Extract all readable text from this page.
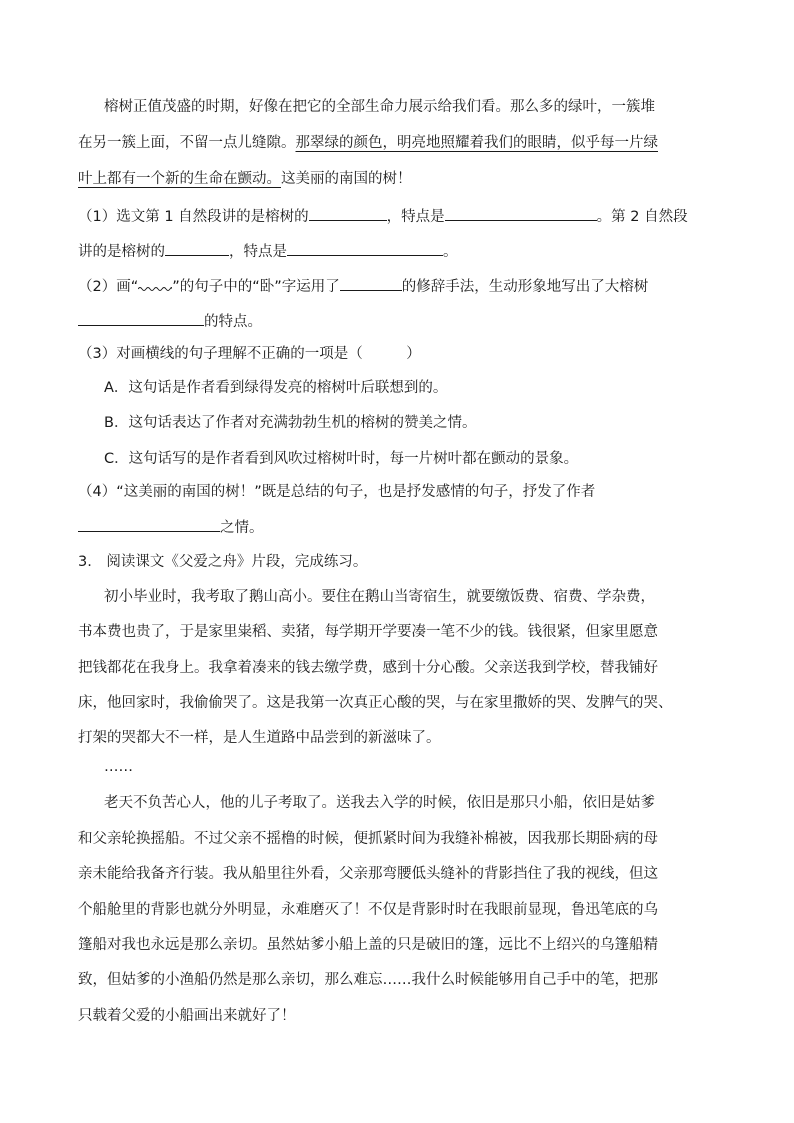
榕树正值茂盛的时期，好像在把它的全部生命力展示给我们看。那么多的绿叶，一簇堆

在另一簇上面，不留一点儿缝隙。那翠绿的颜色，明亮地照耀着我们的眼睛，似乎每一片绿

叶上都有一个新的生命在颤动。这美丽的南国的树！

（1）选文第 1 自然段讲的是榕树的	，特点是	。第 2 自然段

讲的是榕树的	，特点是	。

（2）画“ ”的句子中的“卧”字运用了	的修辞手法，生动形象地写出了大榕树

的特点。

（3）对画横线的句子理解不正确的一项是（　　　）

A．这句话是作者看到绿得发亮的榕树叶后联想到的。

B．这句话表达了作者对充满勃勃生机的榕树的赞美之情。

C．这句话写的是作者看到风吹过榕树叶时，每一片树叶都在颤动的景象。

（4）“这美丽的南国的树！”既是总结的句子，也是抒发感情的句子，抒发了作者

之情。

3.　阅读课文《父爱之舟》片段，完成练习。

初小毕业时，我考取了鹅山高小。要住在鹅山当寄宿生，就要缴饭费、宿费、学杂费，

书本费也贵了，于是家里粜稻、卖猪，每学期开学要凑一笔不少的钱。钱很紧，但家里愿意

把钱都花在我身上。我拿着凑来的钱去缴学费，感到十分心酸。父亲送我到学校，替我铺好

床，他回家时，我偷偷哭了。这是我第一次真正心酸的哭，与在家里撒娇的哭、发脾气的哭、

打架的哭都大不一样，是人生道路中品尝到的新滋味了。

……

老天不负苦心人，他的儿子考取了。送我去入学的时候，依旧是那只小船，依旧是姑爹

和父亲轮换摇船。不过父亲不摇橹的时候，便抓紧时间为我缝补棉被，因我那长期卧病的母

亲未能给我备齐行装。我从船里往外看，父亲那弯腰低头缝补的背影挡住了我的视线，但这

个船舱里的背影也就分外明显，永难磨灭了！不仅是背影时时在我眼前显现，鲁迅笔底的乌

篷船对我也永远是那么亲切。虽然姑爹小船上盖的只是破旧的篷，远比不上绍兴的乌篷船精

致，但姑爹的小渔船仍然是那么亲切，那么难忘……我什么时候能够用自己手中的笔，把那

只载着父爱的小船画出来就好了！
